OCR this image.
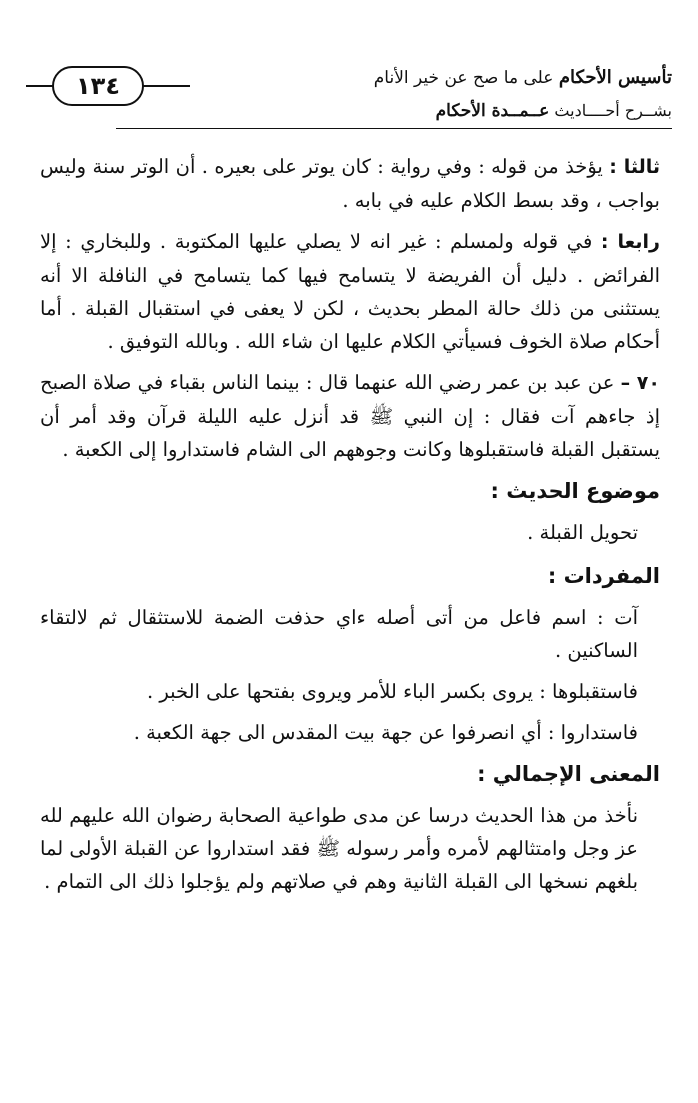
١٣٤	تأسيس الأحكام على ما صح عن خير الأنام
بشــرح أحــــاديث عــمــدة الأحكام

ثالثا : يؤخذ من قوله : وفي رواية : كان يوتر على بعيره . أن الوتر سنة وليس بواجب ، وقد بسط الكلام عليه في بابه .

رابعا : في قوله ولمسلم : غير انه لا يصلي عليها المكتوبة . وللبخاري : إلا الفرائض . دليل أن الفريضة لا يتسامح فيها كما يتسامح في النافلة الا أنه يستثنى من ذلك حالة المطر بحديث ، لكن لا يعفى في استقبال القبلة . أما أحكام صلاة الخوف فسيأتي الكلام عليها ان شاء الله . وبالله التوفيق .

٧٠ – عن عبد بن عمر رضي الله عنهما قال : بينما الناس بقباء في صلاة الصبح إذ جاءهم آت فقال : إن النبي ﷺ قد أنزل عليه الليلة قرآن وقد أمر أن يستقبل القبلة فاستقبلوها وكانت وجوههم الى الشام فاستداروا إلى الكعبة .

موضوع الحديث :

تحويل القبلة .

المفردات :

آت : اسم فاعل من أتى أصله ءاي حذفت الضمة للاستثقال ثم لالتقاء الساكنين .

فاستقبلوها : يروى بكسر الباء للأمر ويروى بفتحها على الخبر .

فاستداروا : أي انصرفوا عن جهة بيت المقدس الى جهة الكعبة .

المعنى الإجمالي :

نأخذ من هذا الحديث درسا عن مدى طواعية الصحابة رضوان الله عليهم لله عز وجل وامتثالهم لأمره وأمر رسوله ﷺ فقد استداروا عن القبلة الأولى لما بلغهم نسخها الى القبلة الثانية وهم في صلاتهم ولم يؤجلوا ذلك الى التمام .
